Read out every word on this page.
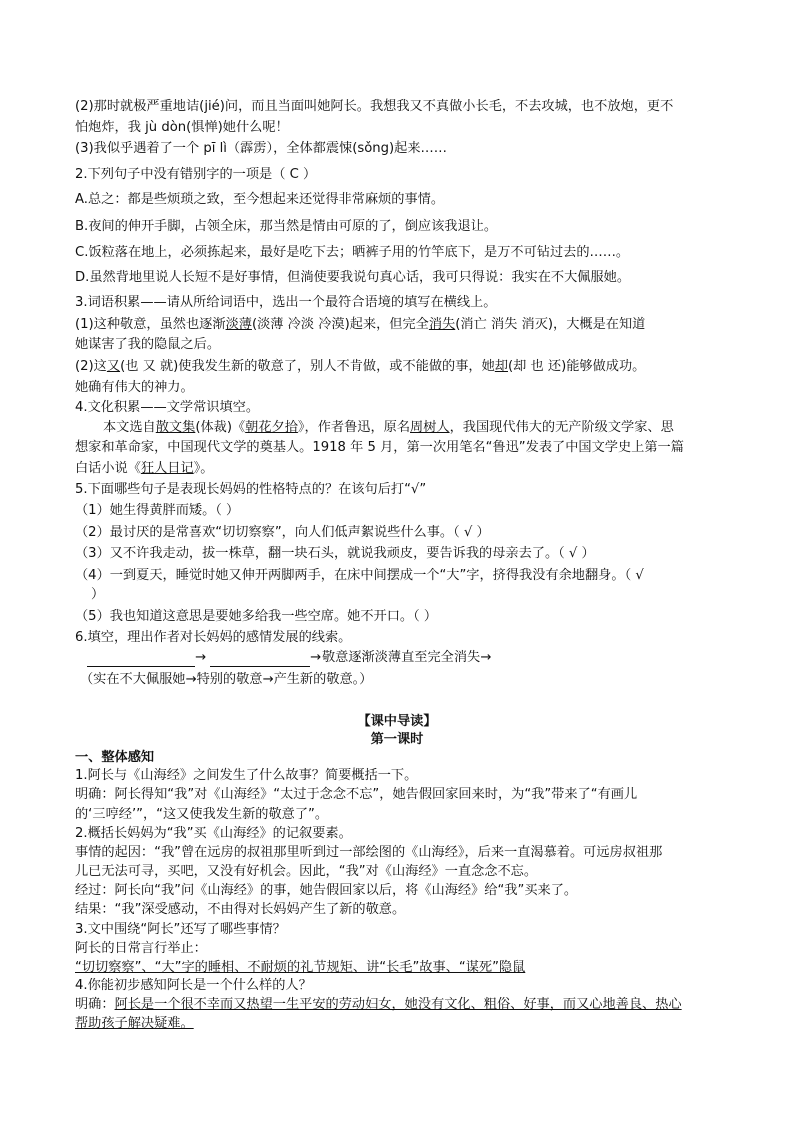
(2)那时就极严重地诘(jié)问，而且当面叫她阿长。我想我又不真做小长毛，不去攻城，也不放炮，更不
怕炮炸，我 jù dòn(惧惮)她什么呢！
(3)我似乎遇着了一个 pī lì（霹雳），全体都震悚(sǒng)起来……
2.下列句子中没有错别字的一项是（ C ）
A.总之：都是些烦琐之致，至今想起来还觉得非常麻烦的事情。
B.夜间的伸开手脚，占领全床，那当然是情由可原的了，倒应该我退让。
C.饭粒落在地上，必须拣起来，最好是吃下去；晒裤子用的竹竿底下，是万不可钻过去的……。
D.虽然背地里说人长短不是好事情，但淌使要我说句真心话，我可只得说：我实在不大佩服她。
3.词语积累——请从所给词语中，选出一个最符合语境的填写在横线上。
(1)这种敬意，虽然也逐渐淡薄(淡薄 冷淡 冷漠)起来，但完全消失(消亡 消失 消灭)，大概是在知道
她谋害了我的隐鼠之后。
(2)这又(也 又 就)使我发生新的敬意了，别人不肯做，或不能做的事，她却(却 也 还)能够做成功。
她确有伟大的神力。
4.文化积累——文学常识填空。
本文选自散文集(体裁)《朝花夕拾》，作者鲁迅，原名周树人，我国现代伟大的无产阶级文学家、思
想家和革命家，中国现代文学的奠基人。1918 年 5 月，第一次用笔名“鲁迅”发表了中国文学史上第一篇
白话小说《狂人日记》。
5.下面哪些句子是表现长妈妈的性格特点的？在该句后打“√”
（1）她生得黄胖而矮。（ ）
（2）最讨厌的是常喜欢“切切察察”，向人们低声絮说些什么事。（ √ ）
（3）又不许我走动，拔一株草，翻一块石头，就说我顽皮，要告诉我的母亲去了。（ √ ）
（4）一到夏天，睡觉时她又伸开两脚两手，在床中间摆成一个“大”字，挤得我没有余地翻身。（ √
）
（5）我也知道这意思是要她多给我一些空席。她不开口。（ ）
6.填空，理出作者对长妈妈的感情发展的线索。
→	→ 敬意逐渐淡薄直至完全消失→
（实在不大佩服她→特别的敬意→产生新的敬意。）
【课中导读】
第一课时
一、整体感知
1.阿长与《山海经》之间发生了什么故事？简要概括一下。
明确：阿长得知“我”对《山海经》“太过于念念不忘”，她告假回家回来时，为“我”带来了“有画儿
的‘三哼经’”，“这又使我发生新的敬意了”。
2.概括长妈妈为“我”买《山海经》的记叙要素。
事情的起因：“我”曾在远房的叔祖那里听到过一部绘图的《山海经》，后来一直渴慕着。可远房叔祖那
儿已无法可寻，买吧，又没有好机会。因此，“我”对《山海经》一直念念不忘。
经过：阿长向“我”问《山海经》的事，她告假回家以后，将《山海经》给“我”买来了。
结果：“我”深受感动，不由得对长妈妈产生了新的敬意。
3.文中围绕“阿长”还写了哪些事情？
阿长的日常言行举止：
“切切察察”、“大”字的睡相、不耐烦的礼节规矩、讲“长毛”故事、“谋死”隐鼠
4.你能初步感知阿长是一个什么样的人？
明确：阿长是一个很不幸而又热望一生平安的劳动妇女，她没有文化、粗俗、好事，而又心地善良、热心
帮助孩子解决疑难。
